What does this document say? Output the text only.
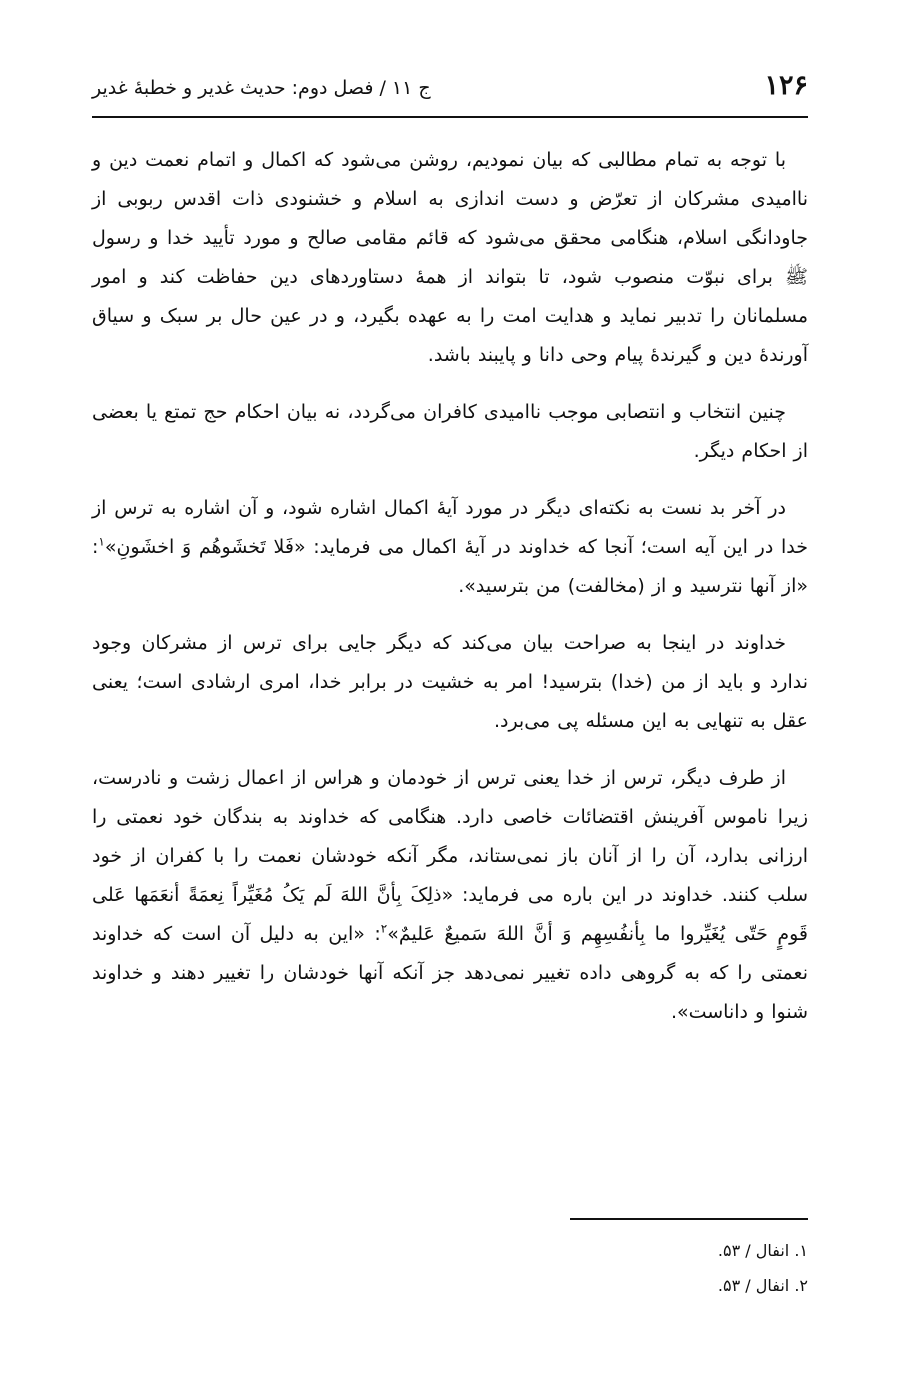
۱۲۶
ج ۱۱ / فصل دوم: حدیث غدیر و خطبهٔ غدیر

با توجه به تمام مطالبی که بیان نمودیم، روشن می‌شود که اکمال و اتمام نعمت دین و ناامیدی مشرکان از تعرّض و دست اندازی به اسلام و خشنودی ذات اقدس ربوبی از جاودانگی اسلام، هنگامی محقق می‌شود که قائم مقامی صالح و مورد تأیید خدا و رسول ﷺ برای نبوّت منصوب شود، تا بتواند از همهٔ دستاوردهای دین حفاظت کند و امور مسلمانان را تدبیر نماید و هدایت امت را به عهده بگیرد، و در عین حال بر سبک و سیاق آورندهٔ دین و گیرندهٔ پیام وحی دانا و پایبند باشد.

چنین انتخاب و انتصابی موجب ناامیدی کافران می‌گردد، نه بیان احکام حج تمتع یا بعضی از احکام دیگر.

در آخر بد نست به نکته‌ای دیگر در مورد آیهٔ اکمال اشاره شود، و آن اشاره به ترس از خدا در این آیه است؛ آنجا که خداوند در آیهٔ اکمال می فرماید: «فَلا تَخشَوهُم وَ اخشَونِ»$^۱$: «از آنها نترسید و از (مخالفت) من بترسید».

خداوند در اینجا به صراحت بیان می‌کند که دیگر جایی برای ترس از مشرکان وجود ندارد و باید از من (خدا) بترسید! امر به خشیت در برابر خدا، امری ارشادی است؛ یعنی عقل به تنهایی به این مسئله پی می‌برد.

از طرف دیگر، ترس از خدا یعنی ترس از خودمان و هراس از اعمال زشت و نادرست، زیرا ناموس آفرینش اقتضائات خاصی دارد. هنگامی که خداوند به بندگان خود نعمتی را ارزانی بدارد، آن را از آنان باز نمی‌ستاند، مگر آنکه خودشان نعمت را با کفران از خود سلب کنند. خداوند در این باره می فرماید: «ذلِکَ بِأنَّ اللهَ لَم یَکُ مُغَیِّراً نِعمَةً أنعَمَها عَلی قَومٍ حَتّی یُغَیِّروا ما بِأنفُسِهِم وَ أنَّ اللهَ سَمیعٌ عَلیمٌ»$^۲$: «این به دلیل آن است که خداوند نعمتی را که به گروهی داده تغییر نمی‌دهد جز آنکه آنها خودشان را تغییر دهند و خداوند شنوا و داناست».

۱. انفال / ۵۳.
۲. انفال / ۵۳.
